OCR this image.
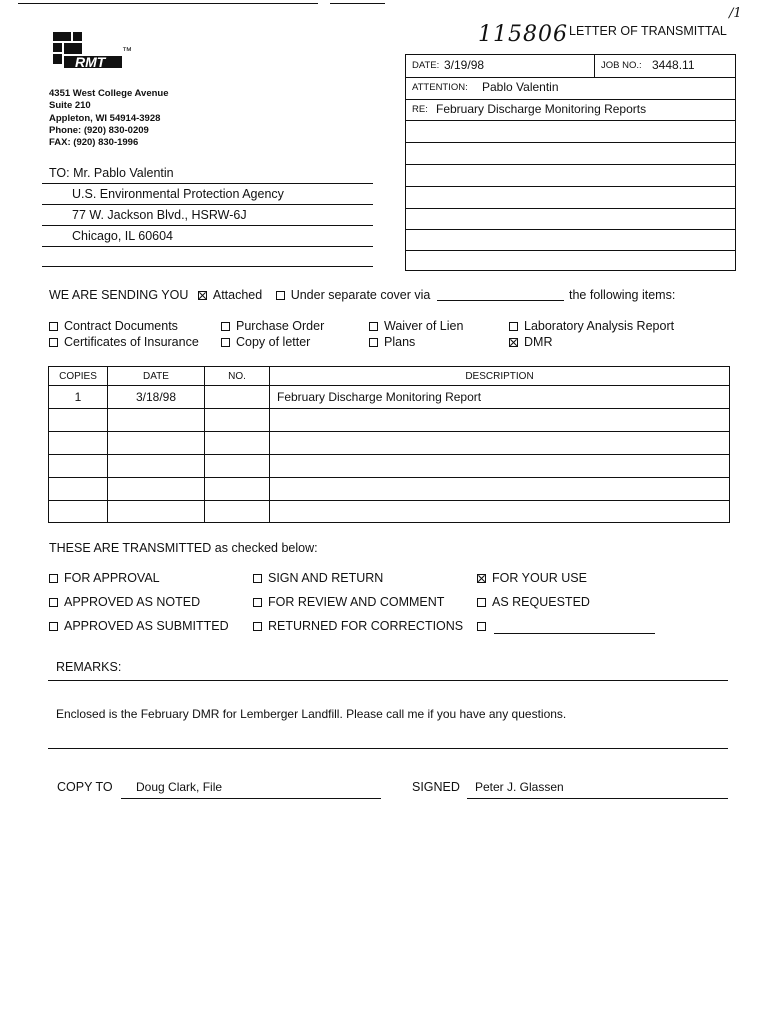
RMT
™
4351 West College Avenue
Suite 210
Appleton, WI 54914-3928
Phone: (920) 830-0209
FAX: (920) 830-1996
115806
/1
LETTER OF TRANSMITTAL
DATE: 3/19/98	JOB NO.: 3448.11
ATTENTION: Pablo Valentin
RE: February Discharge Monitoring Reports
TO: Mr. Pablo Valentin
U.S. Environmental Protection Agency
77 W. Jackson Blvd., HSRW-6J
Chicago, IL 60604
WE ARE SENDING YOU Attached Under separate cover via	the following items:
Contract Documents
Certificates of Insurance
Purchase Order
Copy of letter
Waiver of Lien
Plans
Laboratory Analysis Report
DMR
COPIES	DATE	NO.	DESCRIPTION
1	3/18/98		February Discharge Monitoring Report

THESE ARE TRANSMITTED as checked below:
FOR APPROVAL
APPROVED AS NOTED
APPROVED AS SUBMITTED
SIGN AND RETURN
FOR REVIEW AND COMMENT
RETURNED FOR CORRECTIONS
FOR YOUR USE
AS REQUESTED
REMARKS:
Enclosed is the February DMR for Lemberger Landfill. Please call me if you have any questions.
COPY TO Doug Clark, File	SIGNED Peter J. Glassen
